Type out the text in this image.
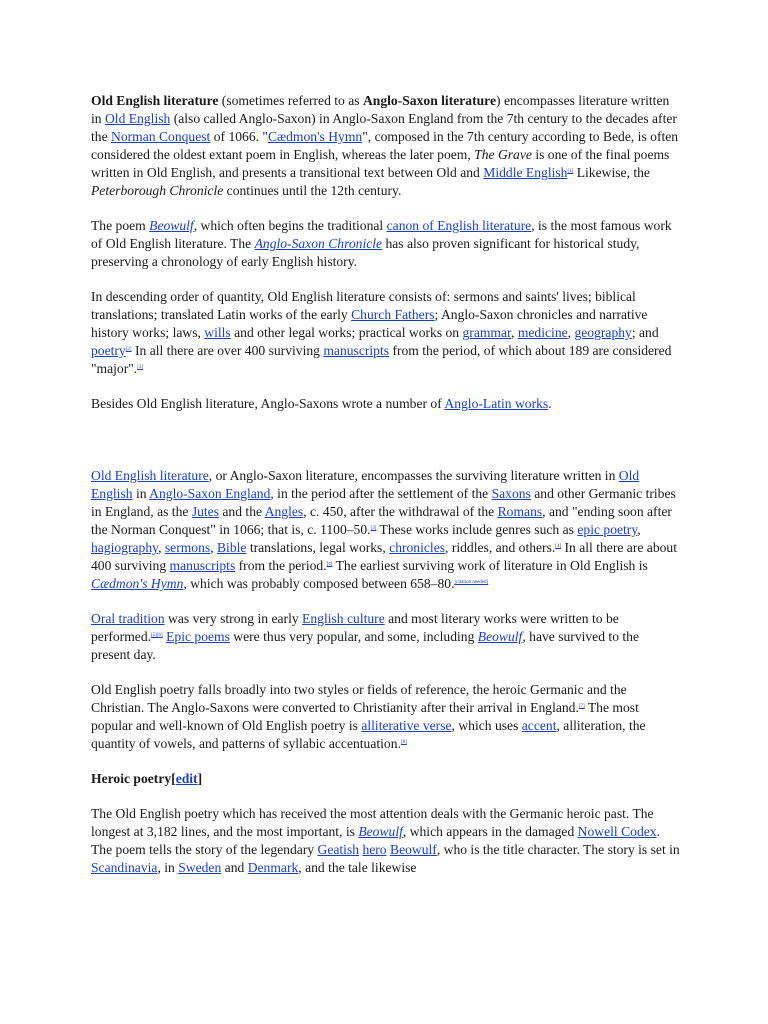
Old English literature (sometimes referred to as Anglo-Saxon literature) encompasses literature written in Old English (also called Anglo-Saxon) in Anglo-Saxon England from the 7th century to the decades after the Norman Conquest of 1066. "Cædmon's Hymn", composed in the 7th century according to Bede, is often considered the oldest extant poem in English, whereas the later poem, The Grave is one of the final poems written in Old English, and presents a transitional text between Old and Middle English[1] Likewise, the Peterborough Chronicle continues until the 12th century.

The poem Beowulf, which often begins the traditional canon of English literature, is the most famous work of Old English literature. The Anglo-Saxon Chronicle has also proven significant for historical study, preserving a chronology of early English history.

In descending order of quantity, Old English literature consists of: sermons and saints' lives; biblical translations; translated Latin works of the early Church Fathers; Anglo-Saxon chronicles and narrative history works; laws, wills and other legal works; practical works on grammar, medicine, geography; and poetry[2] In all there are over 400 surviving manuscripts from the period, of which about 189 are considered "major".[3]

Besides Old English literature, Anglo-Saxons wrote a number of Anglo-Latin works.

Old English literature, or Anglo-Saxon literature, encompasses the surviving literature written in Old English in Anglo-Saxon England, in the period after the settlement of the Saxons and other Germanic tribes in England, as the Jutes and the Angles, c. 450, after the withdrawal of the Romans, and "ending soon after the Norman Conquest" in 1066; that is, c. 1100–50.[3] These works include genres such as epic poetry, hagiography, sermons, Bible translations, legal works, chronicles, riddles, and others.[4] In all there are about 400 surviving manuscripts from the period.[4] The earliest surviving work of literature in Old English is Cædmon's Hymn, which was probably composed between 658–80.[citation needed]

Oral tradition was very strong in early English culture and most literary works were written to be performed.[5][6] Epic poems were thus very popular, and some, including Beowulf, have survived to the present day.

Old English poetry falls broadly into two styles or fields of reference, the heroic Germanic and the Christian. The Anglo-Saxons were converted to Christianity after their arrival in England.[7] The most popular and well-known of Old English poetry is alliterative verse, which uses accent, alliteration, the quantity of vowels, and patterns of syllabic accentuation.[8]

Heroic poetry[edit]

The Old English poetry which has received the most attention deals with the Germanic heroic past. The longest at 3,182 lines, and the most important, is Beowulf, which appears in the damaged Nowell Codex. The poem tells the story of the legendary Geatish hero Beowulf, who is the title character. The story is set in Scandinavia, in Sweden and Denmark, and the tale likewise
